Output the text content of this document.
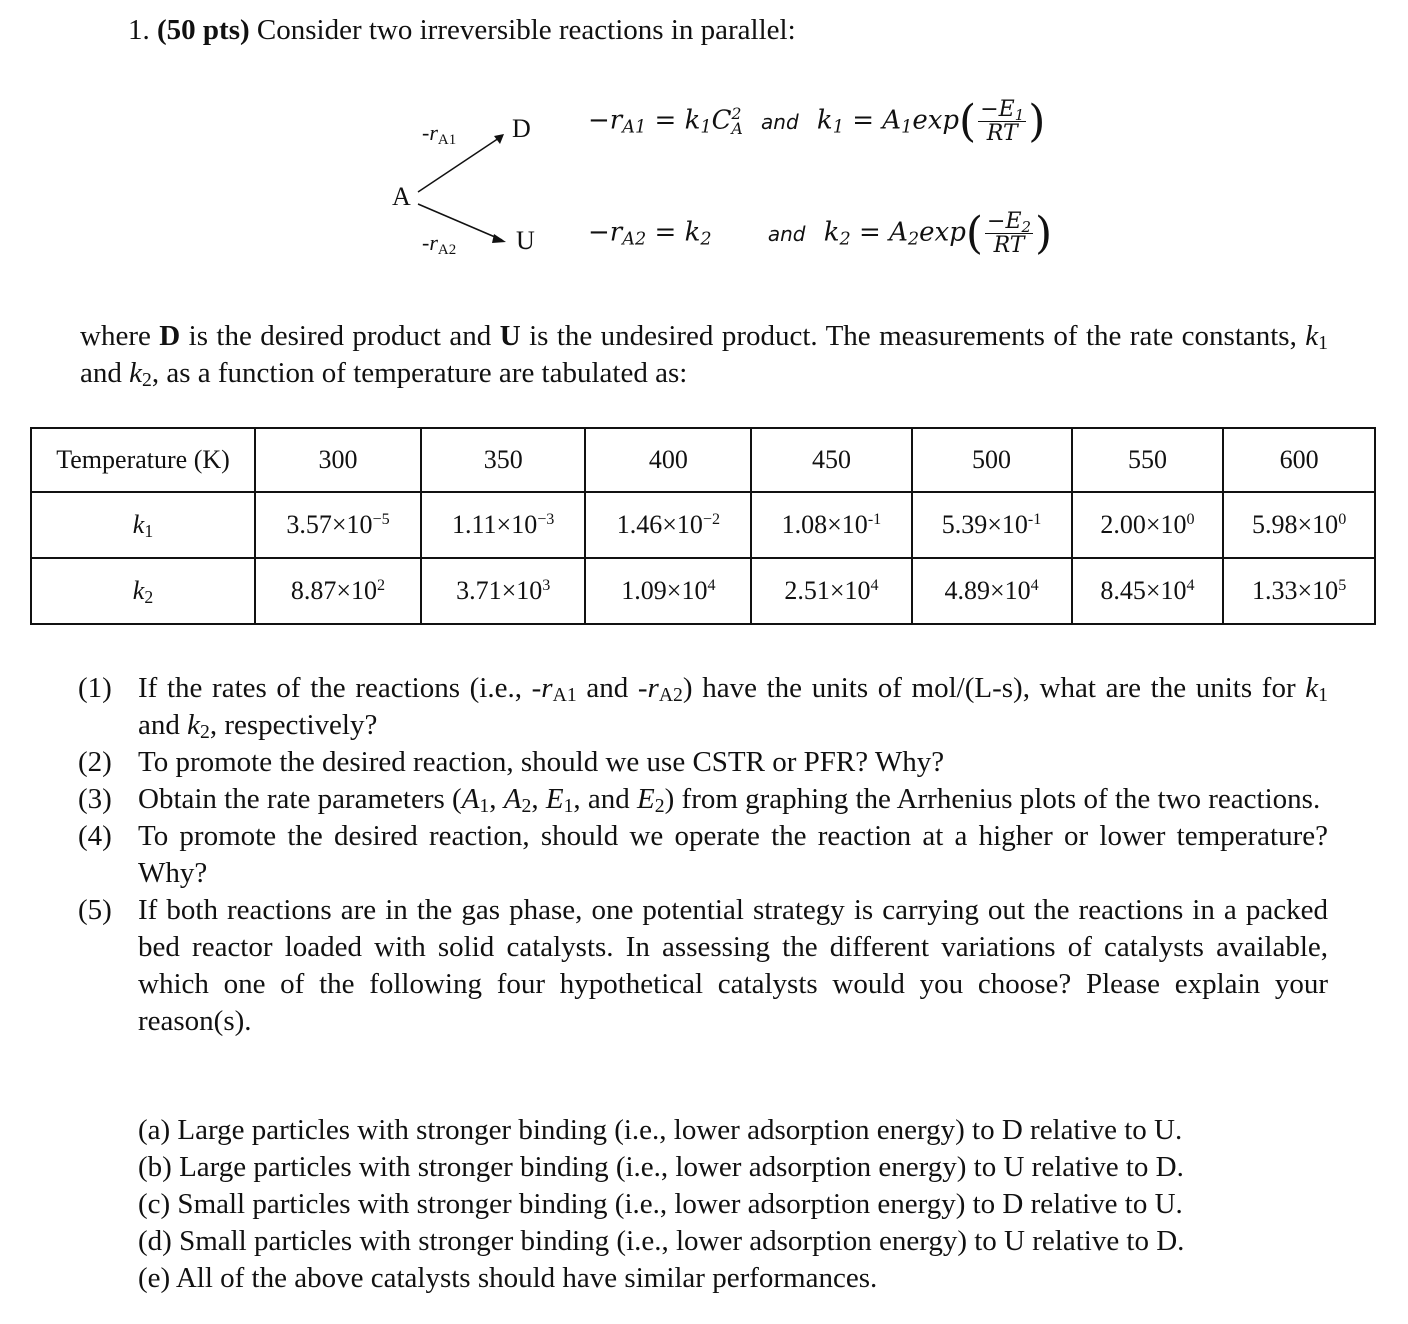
1. (50 pts) Consider two irreversible reactions in parallel:
A
$-r_{A1}$ D
$-r_{A2}$ U
$-r_{A1} = k_1C$ 2
A and $k_1 = A_1\exp( \frac{-E_1}{RT}$ )
$-r_{A2} = k_2$	and $k_2 = A_2\exp( \frac{-E_2}{RT}$ )
where D is the desired product and U is the undesired product. The measurements of the rate constants, $k_1$ and $k_2$, as a function of temperature are tabulated as:
Temperature (K)	300	350	400	450	500	550	600
$k_1$	$3.57\times 10^{-5}$	$1.11\times 10^{-3}$	$1.46\times 10^{-2}$	$1.08\times 10^{-1}$	$5.39\times 10^{-1}$	$2.00\times 10^0$	$5.98\times 10^0$
$k_2$	$8.87\times 10^2$	$3.71\times 10^3$	$1.09\times 10^4$	$2.51\times 10^4$	$4.89\times 10^4$	$8.45\times 10^4$	$1.33\times 10^5$
(1) If the rates of the reactions (i.e., $-r_{A1}$ and $-r_{A2}$) have the units of mol/(L-s), what are the units for $k_1$ and $k_2$, respectively?
(2) To promote the desired reaction, should we use CSTR or PFR? Why?
(3) Obtain the rate parameters ($A_1$, $A_2$, $E_1$, and $E_2$) from graphing the Arrhenius plots of the two reactions.
(4) To promote the desired reaction, should we operate the reaction at a higher or lower temperature? Why?
(5) If both reactions are in the gas phase, one potential strategy is carrying out the reactions in a packed bed reactor loaded with solid catalysts. In assessing the different variations of catalysts available, which one of the following four hypothetical catalysts would you choose? Please explain your reason(s).
(a) Large particles with stronger binding (i.e., lower adsorption energy) to D relative to U.
(b) Large particles with stronger binding (i.e., lower adsorption energy) to U relative to D.
(c) Small particles with stronger binding (i.e., lower adsorption energy) to D relative to U.
(d) Small particles with stronger binding (i.e., lower adsorption energy) to U relative to D.
(e) All of the above catalysts should have similar performances.
